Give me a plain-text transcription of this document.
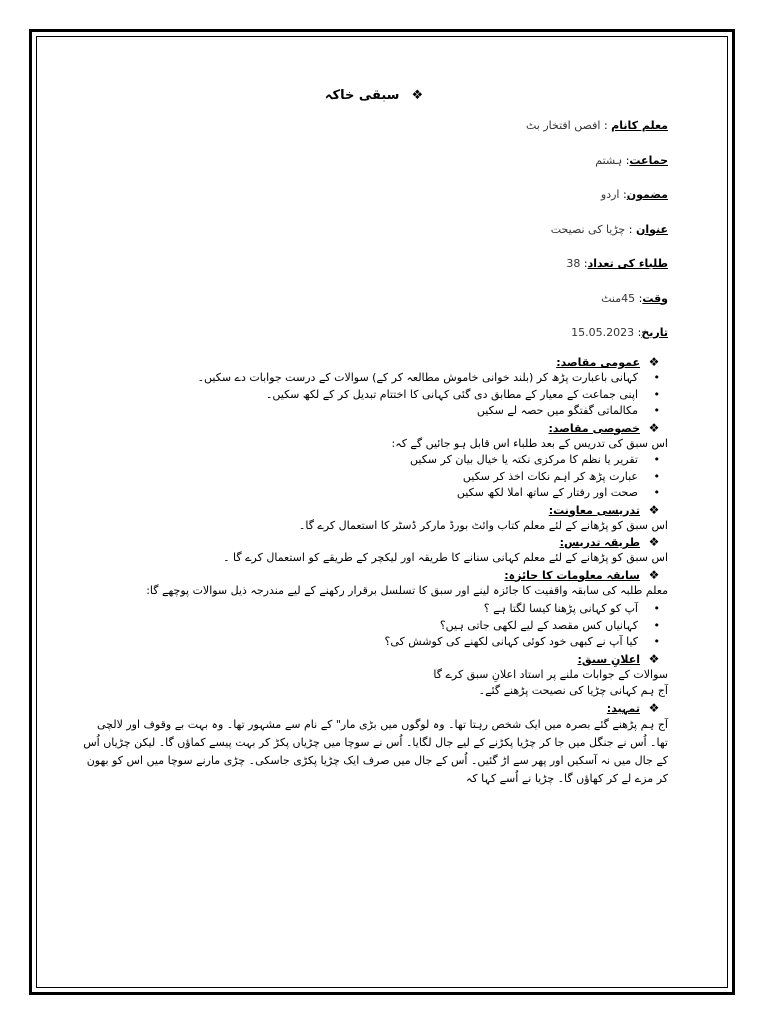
❖سبقی خاکہ
معلم کانام : افصں افتخار بٹ
جماعت: ہشتم
مضمون: اردو
عنوان : چڑیا کی نصیحت
طلباء کی تعداد: 38
وقت: 45منٹ
تاریخ: 15.05.2023
❖عمومی مقاصد:
• کہانی باعبارت پڑھ کر (بلند خوانی خاموش مطالعہ کر کے) سوالات کے درست جوابات دے سکیں۔
• اپنی جماعت کے معیار کے مطابق دی گئی کہانی کا اختتام تبدیل کر کے لکھ سکیں۔
• مکالماتی گفتگو میں حصہ لے سکیں
❖خصوصی مقاصد:

اس سبق کی تدریس کے بعد طلباء اس قابل ہو جائیں گے کہ:

• تقریر یا نظم کا مرکزی نکتہ یا خیال بیان کر سکیں
• عبارت پڑھ کر اہم نکات اخذ کر سکیں
• صحت اور رفتار کے ساتھ املا لکھ سکیں
❖تدریسی معاونت:

اس سبق کو پڑھانے کے لئے معلم کتاب وائٹ بورڈ مارکر ڈسٹر کا استعمال کرے گا۔

❖طریقہ تدریس:

اس سبق کو پڑھانے کے لئے معلم کہانی سنانے کا طریقہ اور لیکچر کے طریقے کو استعمال کرے گا ۔

❖سابقہ معلومات کا جائزہ:

معلم طلبہ کی سابقہ واقفیت کا جائزہ لینے اور سبق کا تسلسل برقرار رکھنے کے لیے مندرجہ ذیل سوالات پوچھے گا:

• آپ کو کہانی پڑھنا کیسا لگتا ہے ؟
• کہانیاں کس مقصد کے لیے لکھی جاتی ہیں؟
• کیا آپ نے کبھی خود کوئی کہانی لکھنے کی کوشش کی؟
❖اعلانِ سبق:

سوالات کے جوابات ملنے پر استاد اعلانِ سبق کرے گا

آج ہم کہانی چڑیا کی نصیحت پڑھنے گئے۔

❖تمہید:

آج ہم پڑھنے گئے بصرہ میں ایک شخص رہتا تھا۔ وہ لوگوں میں بڑی مار" کے نام سے مشہور تھا۔ وہ بہت بے وقوف اور لالچی تھا۔ اُس نے جنگل میں جا کر چڑیا پکڑنے کے لیے جال لگایا۔ اُس نے سوچا میں چڑیاں پکڑ کر بہت پیسے کماؤں گا۔ لیکن چڑیاں اُس کے جال میں نہ آسکیں اور پھر سے اڑ گئیں۔ اُس کے جال میں صرف ایک چڑیا پکڑی جاسکی۔ چڑی مارنے سوچا میں اس کو بھون کر مزے لے کر کھاؤں گا۔ چڑیا نے اُسے کہا کہ
